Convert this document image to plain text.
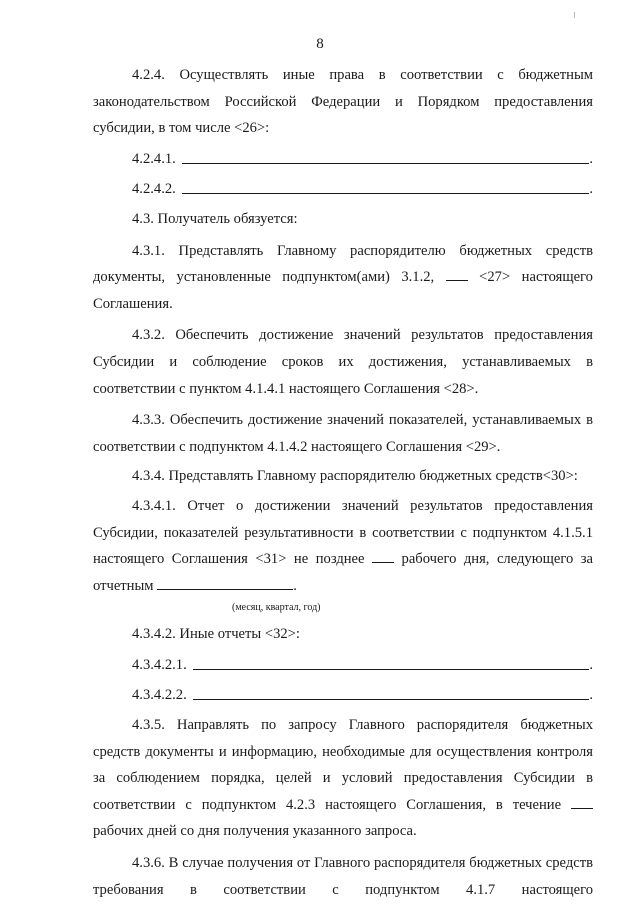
8

4.2.4. Осуществлять иные права в соответствии с бюджетным законодательством Российской Федерации и Порядком предоставления субсидии, в том числе <26>:

4.2.4.1.	.
4.2.4.2.	.

4.3. Получатель обязуется:

4.3.1. Представлять Главному распорядителю бюджетных средств документы, установленные подпунктом(ами) 3.1.2,	<27> настоящего Соглашения.

4.3.2. Обеспечить достижение значений результатов предоставления Субсидии и соблюдение сроков их достижения, устанавливаемых в соответствии с пунктом 4.1.4.1 настоящего Соглашения <28>.

4.3.3. Обеспечить достижение значений показателей, устанавливаемых в соответствии с подпунктом 4.1.4.2 настоящего Соглашения <29>.

4.3.4. Представлять Главному распорядителю бюджетных средств<30>:

4.3.4.1. Отчет о достижении значений результатов предоставления Субсидии, показателей результативности в соответствии с подпунктом 4.1.5.1 настоящего Соглашения <31> не позднее	рабочего дня, следующего за отчетным	.

(месяц, квартал, год)

4.3.4.2. Иные отчеты <32>:

4.3.4.2.1.	.
4.3.4.2.2.	.

4.3.5. Направлять по запросу Главного распорядителя бюджетных средств документы и информацию, необходимые для осуществления контроля за соблюдением порядка, целей и условий предоставления Субсидии в соответствии с подпунктом 4.2.3 настоящего Соглашения, в течение  рабочих дней со дня получения указанного запроса.

4.3.6. В случае получения от Главного распорядителя бюджетных средств требования в соответствии с подпунктом 4.1.7 настоящего
